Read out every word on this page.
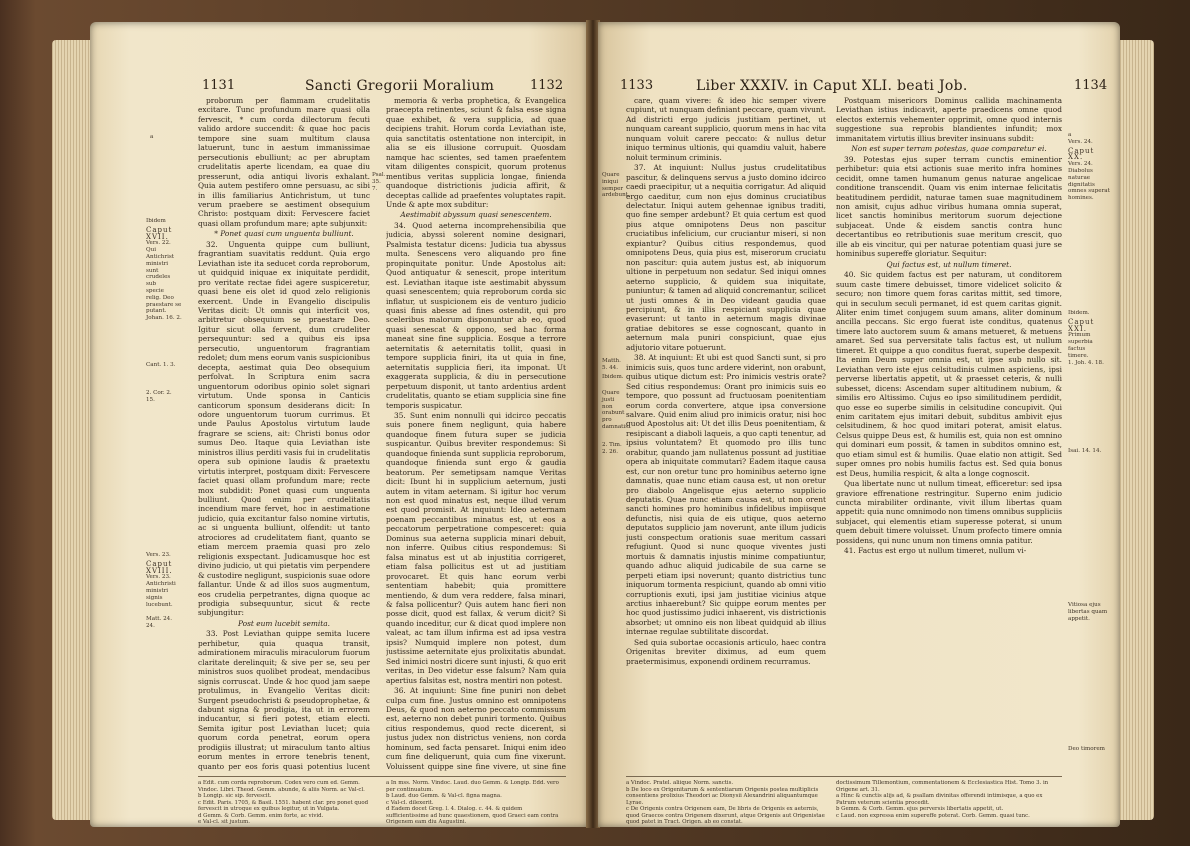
1131	Sancti Gregorii Moralium	1132
a
Ibidem
Caput XVII.
Vers. 22.
Qui Antichrist
ministri sunt
crudeles sub
specie
relig. Deo
praestare se
putant.
Johan. 16. 2.
Cant. 1. 3.
2. Cor. 2. 15.
Vers. 23.
Caput XVIII.
Vers. 23.
Antichristi
ministri
signis
lucebunt.
Matt. 24. 24.

proborum per flammam crudelitatis excitare. Tunc profundum mare quasi olla fervescit, * cum corda dilectorum fecuti valido ardore succendit: & quae hoc pacis tempore sine suam multitum clausa latuerunt, tunc in aestum immanissimae persecutionis ebulliunt; ac per abruptam crudelitatis aperte licendam, ea quae diu presserunt, odia antiqui livoris exhalant. Quia autem pestifero omne persuasu, ac sibi in illis familiarius Antichristum, ut tunc verum praebere se aestiment obsequium Christo: postquam dixit: Fervescere faciet quasi ollam profundum mare; apte subjunxit:

* Ponet quasi cum unguenta bulliunt.

32. Unguenta quippe cum bulliunt, fragrantiam suavitatis reddunt. Quia ergo Leviathan iste ita seducet corda reproborum, ut quidquid iniquae ex iniquitate perdidit, pro veritate rectae fidei agere suspiceretur, quasi bene eis olet id quod zelo religionis exercent. Unde in Evangelio discipulis Veritas dicit: Ut omnis qui interficit vos, arbitretur obsequium se praestare Deo. Igitur sicut olla fervent, dum crudeliter persequuntur: sed a quibus eis ipsa persecutio, unguentorum fragrantiam redolet; dum mens eorum vanis suspicionibus decepta, aestimat quia Deo obsequium perfolvat. In Scriptura enim sacra unguentorum odoribus opinio solet signari virtutum. Unde sponsa in Canticis canticorum sponsum desiderans dicit: In odore unguentorum tuorum currimus. Et unde Paulus Apostolus virtutum laude fragrare se sciens, ait: Christi bonus odor sumus Deo. Itaque quia Leviathan iste ministros illius perditi vasis fui in crudelitatis opera sub opinione laudis & praetextu virtutis interpret, postquam dixit: Fervescere faciet quasi ollam profundum mare; recte mox subdidit: Ponet quasi cum unguenta bulliunt. Quod enim per crudelitatis incendium mare fervet, hoc in aestimatione judicio, quia excitantur falso nomine virtutis, ac si unguenta bulliunt, olfendit: ut tanto atrociores ad crudelitatem fiant, quanto se etiam mercem praemia quasi pro zelo religionis exspectant. Judicamusque hoc est divino judicio, ut qui pietatis vim perpendere & custodire negligunt, suspicionis suae odore fallantur. Unde & ad illos suos augmentum, eos crudelia perpetrantes, digna quoque ac prodigia subsequuntur, sicut & recte subjungitur:

Post eum lucebit semita.

33. Post Leviathan quippe semita lucere perhibetur, quia quaqua transit, admirationem miraculis miraculorum fuorum claritate derelinquit; & sive per se, seu per ministros suos quolibet prodeat, mendacibus signis corruscat. Unde & hoc quod jam saepe protulimus, in Evangelio Veritas dicit: Surgent pseudochristi & pseudoprophetae, & dabunt signa & prodigia, ita ut in errorem inducantur, si fieri potest, etiam electi. Semita igitur post Leviathan lucet; quia quorum corda penetrat, eorum opera prodigiis illustrat; ut miraculum tanto altius eorum mentes in errore tenebris tenent, quanto per eos foris quasi potentius lucent

Psal. 35. 7.

memoria & verba prophetica, & Evangelica praecepta retinentes, sciunt & falsa esse signa quae exhibet, & vera supplicia, ad quae decipiens trahit. Horum corda Leviathan iste, quia sanctitatis ostentatione non intercipit, in alia se eis illusione corrupuit. Quosdam namque hac scientes, sed tamen praefentem vitam diligentes conspicit, quorum protenus mentibus veritas supplicia longae, finienda quandoque districtionis judicia affirit, & deceptas callide ad praefentes voluptates rapit. Unde & apte mox subditur:

Aestimabit abyssum quasi senescentem.

34. Quod aeterna incomprehensibilia que judicia, abyssi solerent nomine designari, Psalmista testatur dicens: Judicia tua abyssus multa. Senescens vero aliquando pro fine propinquitate ponitur. Unde Apostolus ait: Quod antiquatur & senescit, prope interitum est. Leviathan itaque iste aestimabit abyssum quasi senescentem; quia reproborum corda sic inflatur, ut suspicionem eis de venturo judicio quasi finis abesse ad fines ostendit, qui pro sceleribus malorum disponuntur ab eo, quod quasi senescat & oppono, sed hac forma maneat sine fine supplicia. Eosque a terrore aeternitatis & aeternitatis tollit, quasi in tempore supplicia finiri, ita ut quia in fine, aeternitatis supplicia fieri, ita imponat. Ut exaggerata supplicia, & diu in persecutione perpetuum disponit, ut tanto ardentius ardent crudelitatis, quanto se etiam supplicia sine fine temporis suspicatur.

35. Sunt enim nonnulli qui idcirco peccatis suis ponere finem negligunt, quia habere quandoque finem futura super se judicia suspicantur. Quibus breviter respondemus: Si quandoque finienda sunt supplicia reproborum, quandoque finienda sunt ergo & gaudia beatorum. Per semetipsam namque Veritas dicit: Ibunt hi in supplicium aeternum, justi autem in vitam aeternam. Si igitur hoc verum non est quod minatus est, neque illud verum est quod promisit. At inquiunt: Ideo aeternam poenam peccantibus minatus est, ut eos a peccatorum perpetratione compesceret: quia Dominus sua aeterna supplicia minari debuit, non inferre. Quibus citius respondemus: Si falsa minatus est ut ab injustitia corrigeret, etiam falsa pollicitus est ut ad justitiam provocaret. Et quis hanc eorum verbi sententiam habebit; quia promittere mentiendo, & dum vera reddere, falsa minari, & falsa pollicentur? Quis autem hanc fieri non posse dicit, quod est fallax, & verum dicit? Si quando inceditur, cur & dicat quod implere non valeat, ac tam illum infirma est ad ipsa vestra ipsis? Numquid implere non potest, dum justissime aeternitate ejus prolixitatis abundat. Sed inimici nostri dicere sunt injusti, & quo erit veritas, in Deo videtur esse falsum? Nam quia apertius falsitas est, nostra mentiri non potest.

36. At inquiunt: Sine fine puniri non debet culpa cum fine. Justus omnino est omnipotens Deus, & quod non aeterno peccato commissum est, aeterno non debet puniri tormento. Quibus citius respondemus, quod recte dicerent, si justus judex non districtus veniens, non corda hominum, sed facta pensaret. Iniqui enim ideo cum fine deliquerunt, quia cum fine vixerunt. Voluissent quippe sine fine vivere, ut sine fine

a Edit. cum corda reproborum. Codex vero cum ed. Gemm. Vindoc. Libri. Theod. Gemm. abunde, & aliis Norm. ac Val-cl.

b Longip. sic sip. fervescit.

c Edit. Paris. 1705, & Basil. 1551. habent clar. pro ponet quod fervescit in utroque ex quibus legitur, ut in Vulgata.

d Gemm. & Corb. Gemm. enim forte, ac vivid.

e Val-cl. sit justum.

a In mss. Norm. Vindoc. Laud. duo Gemm. & Longip. Edd. vero per continuatum.

b Laud. duo Gemm. & Val-cl. figna magna.

c Val-cl. dilexerit.

d Eadem docet Greg. l. 4. Dialog. c. 44. & quidem sufficientissime ad hunc quaestionem, quod Graeci eam contra Origenem eam diu Augustini.

1133	Liber XXXIV. in Caput XLI. beati Job.	1134
Quare iniqui semper ardebunt.
Matth. 5. 44.
Ibidem.
Quare justi non orabunt pro damnatis.
2. Tim. 2. 26.

care, quam vivere: & ideo hic semper vivere cupiunt, ut nunquam definiant peccare, quam vivunt. Ad districti ergo judicis justitiam pertinet, ut nunquam careant supplicio, quorum mens in hac vita nunquam voluit carere peccato: & nullus detur iniquo terminus ultionis, qui quamdiu valuit, habere noluit terminum criminis.

37. At inquiunt: Nullus justus crudelitatibus pascitur, & delinquens servus a justo domino idcirco caedi praecipitur, ut a nequitia corrigatur. Ad aliquid ergo caeditur, cum non ejus dominus cruciatibus delectatur. Iniqui autem gehennae ignibus traditi, quo fine semper ardebunt? Et quia certum est quod pius atque omnipotens Deus non pascitur cruciatibus infelicium, cur cruciantur miseri, si non expiantur? Quibus citius respondemus, quod omnipotens Deus, quia pius est, miserorum cruciatu non pascitur: quia autem justus est, ab iniquorum ultione in perpetuum non sedatur. Sed iniqui omnes aeterno supplicio, & quidem sua iniquitate, puniuntur; & tamen ad aliquid concremantur, scilicet ut justi omnes & in Deo videant gaudia quae percipiunt, & in illis respiciant supplicia quae evaserunt: ut tanto in aeternum magis divinae gratiae debitores se esse cognoscant, quanto in aeternum mala puniri conspiciunt, quae ejus adjutorio vitare potuerunt.

38. At inquiunt: Et ubi est quod Sancti sunt, si pro inimicis suis, quos tunc ardere viderint, non orabunt, quibus utique dictum est: Pro inimicis vestris orate? Sed citius respondemus: Orant pro inimicis suis eo tempore, quo possunt ad fructuosam poenitentiam eorum corda convertere, atque ipsa conversione salvare. Quid enim aliud pro inimicis oratur, nisi hoc quod Apostolus ait: Ut det illis Deus poenitentiam, & resipiscant a diaboli laqueis, a quo capti tenentur, ad ipsius voluntatem? Et quomodo pro illis tunc orabitur, quando jam nullatenus possunt ad justitiae opera ab iniquitate commutari? Eadem itaque causa est, cur non oretur tunc pro hominibus aeterno igne damnatis, quae nunc etiam causa est, ut non oretur pro diabolo Angelisque ejus aeterno supplicio deputatis. Quae nunc etiam causa est, ut non orent sancti homines pro hominibus infidelibus impiisque defunctis, nisi quia de eis utique, quos aeterno deputatos supplicio jam noverunt, ante illum judicis justi conspectum orationis suae meritum cassari refugiunt. Quod si nunc quoque viventes justi mortuis & damnatis injustis minime compatiuntur, quando adhuc aliquid judicabile de sua carne se perpeti etiam ipsi noverunt; quanto districtius tunc iniquorum tormenta respiciunt, quando ab omni vitio corruptionis exuti, ipsi jam justitiae vicinius atque arctius inhaerebunt? Sic quippe eorum mentes per hoc quod justissimo judici inhaerent, vis districtionis absorbet; ut omnino eis non libeat quidquid ab illius internae regulae subtilitate discordat.

Sed quia subortae occasionis articulo, haec contra Origenitas breviter diximus, ad eum quem praetermisimus, exponendi ordinem recurramus.

Postquam misericors Dominus callida machinamenta Leviathan istius indicavit, aperte praedicens omne quod electos externis vehementer opprimit, omne quod internis suggestione sua reprobis blandientes infundit; mox immanitatem virtutis illius breviter insinuans subdit:

Non est super terram potestas, quae comparetur ei.

39. Potestas ejus super terram cunctis eminentior perhibetur: quia etsi actionis suae merito infra homines cecidit, omne tamen humanum genus naturae angelicae conditione transcendit. Quam vis enim internae felicitatis beatitudinem perdidit, naturae tamen suae magnitudinem non amisit, cujus adhuc viribus humana omnia superat, licet sanctis hominibus meritorum suorum dejectione subjaceat. Unde & eisdem sanctis contra hunc decertantibus eo retributionis suae meritum crescit, quo ille ab eis vincitur, qui per naturae potentiam quasi jure se hominibus supereffe gloriatur. Sequitur:

Qui factus est, ut nullum timeret.

40. Sic quidem factus est per naturam, ut conditorem suum caste timere debuisset, timore videlicet solicito & securo; non timore quem foras caritas mittit, sed timore, qui in seculum seculi permanet, id est quem caritas gignit. Aliter enim timet conjugem suum amans, aliter dominum ancilla peccans. Sic ergo fuerat iste conditus, quatenus timere lato auctorem suum & amans metueret, & metuens amaret. Sed sua perversitate talis factus est, ut nullum timeret. Et quippe a quo conditus fuerat, superbe despexit. Ita enim Deum super omnia est, ut ipse sub nullo sit. Leviathan vero iste ejus celsitudinis culmen aspiciens, ipsi perverse libertatis appetit, ut & praesset ceteris, & nulli subesset, dicens: Ascendam super altitudinem nubium, & similis ero Altissimo. Cujus eo ipso similitudinem perdidit, quo esse eo superbe similis in celsitudine concupivit. Qui enim caritatem ejus imitari debuit, subditus ambivit ejus celsitudinem, & hoc quod imitari poterat, amisit elatus. Celsus quippe Deus est, & humilis est, quia non est omnino qui dominari eum possit, & tamen in subditos omnino est, quo etiam simul est & humilis. Quae elatio non attigit. Sed super omnes pro nobis humilis factus est. Sed quia bonus est Deus, humilia respicit, & alta a longe cognoscit.

Qua libertate nunc ut nullum timeat, efficeretur: sed ipsa graviore effrenatione restringitur. Superno enim judicio cuncta mirabiliter ordinante, vivit illum libertas quam appetit: quia nunc omnimodo non timens omnibus suppliciis subjacet, qui elementis etiam superesse poterat, si unum quem debuit timere voluisset. Unum profecto timere omnia possidens, qui nunc unum non timens omnia patitur.

41. Factus est ergo ut nullum timeret, nullum vi-

a
Vers. 24.
Caput XX.
Vers. 24.
Diabolus
naturae
dignitatis
omnes superat
homines.
Ibidem.
Caput XXI.
Primum
superbia
factus
timere.
1. Joh. 4. 18.
Isai. 14. 14.
Vitiosa ejus
libertas quam
appetit.
Deo timorem

a Vindoc. Pratel. aliique Norm. sanctis.

b De loco ex Origenitarum & sententiarum Origenis postea multiplicis consentiens prolixius Theodori ac Dionysii Alexandrini aliquantumque Lyrae.

c De Origenis contra Origenem eam, De libris de Origenis ex aeternis, quod Graecos contra Origenem dixerunt, atque Origenis aut Origenistae quod patet in Tract. Origen. ab eo constat.

doctissimum Tillemontium, commentationem & Ecclesiastica Hist. Tomo 3. in Origene art. 31.

a Hinc & cunctis alijs ad, & psallam divinitas offerendi intimisque, a quo ex Patrum veterum scientia procedit.

b Gemm. & Corb. Gemm. ejus perversis libertatis appetit, ut.

c Laud. non expressa enim supereffe poterat. Corb. Gemm. quasi tunc.
